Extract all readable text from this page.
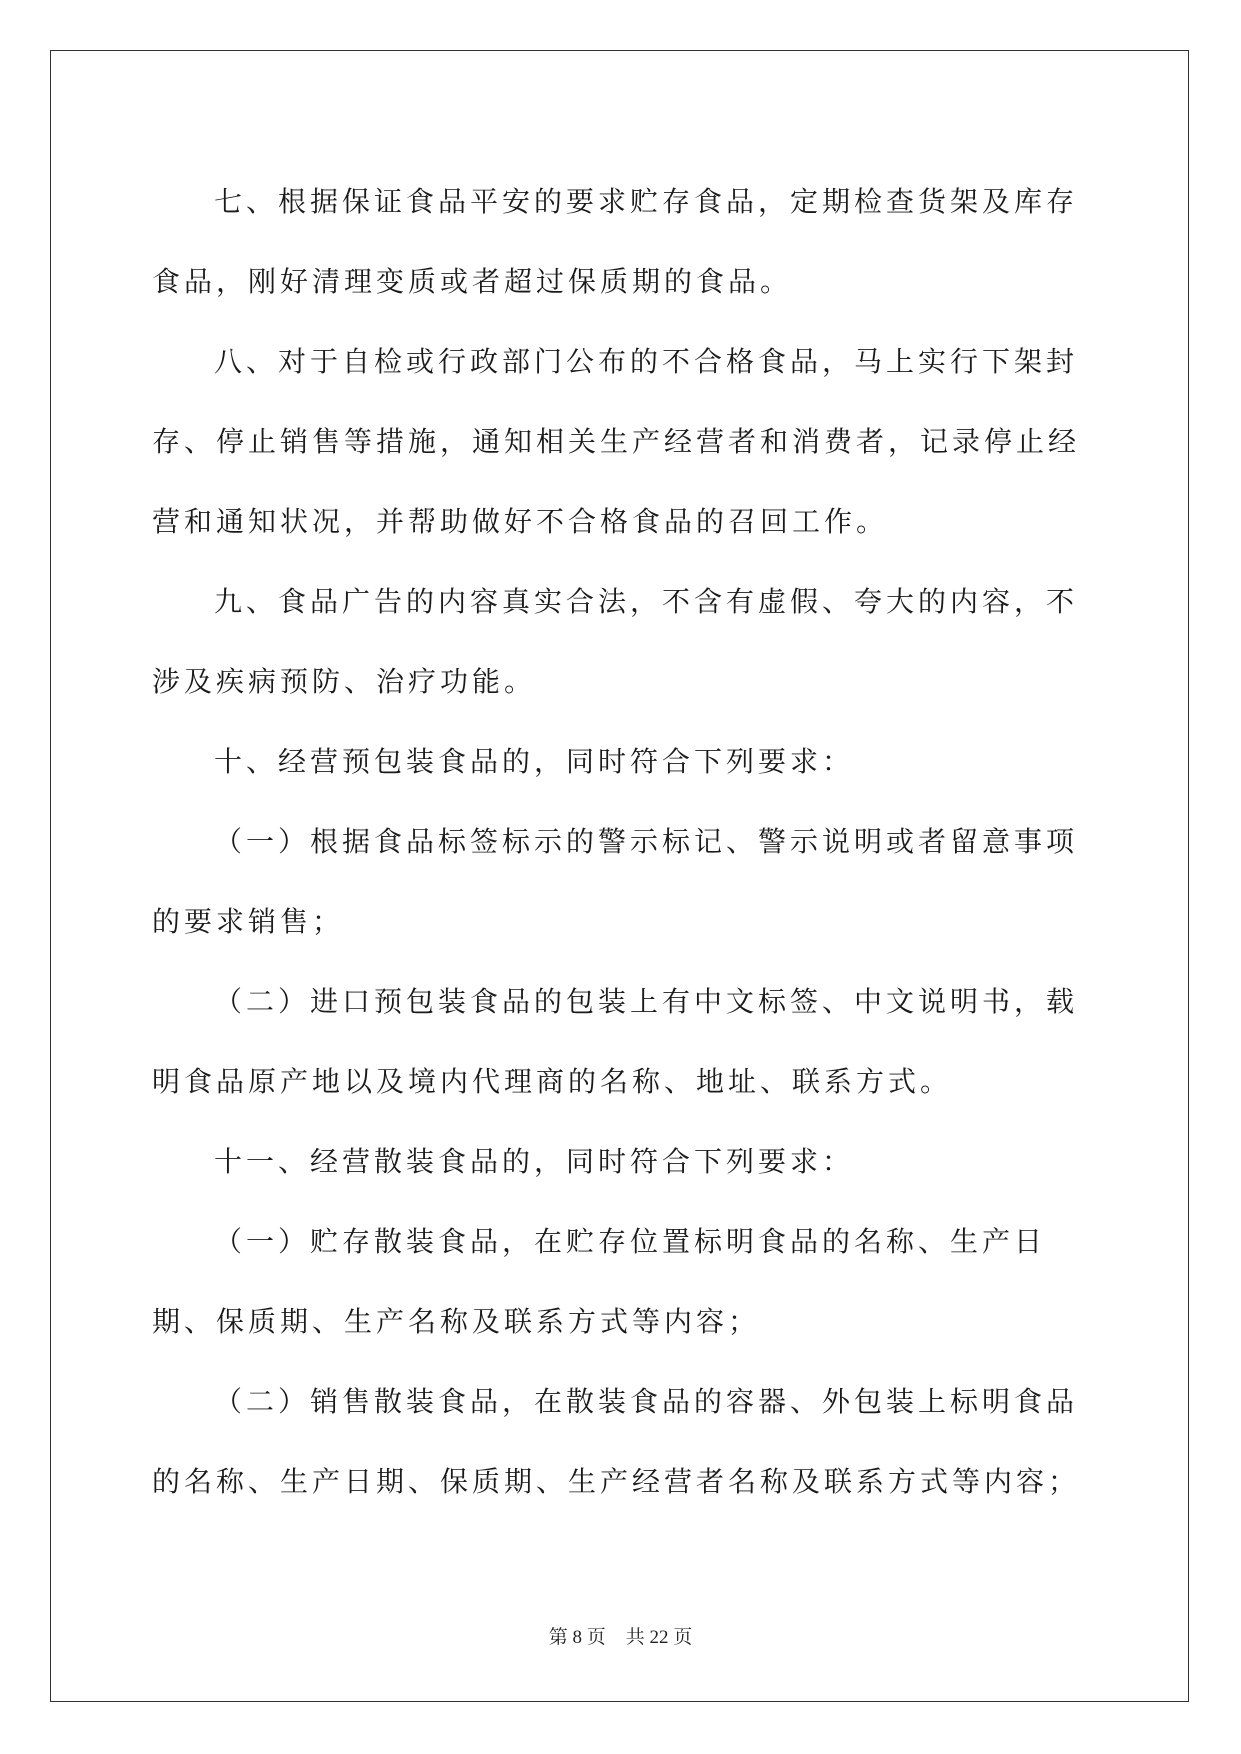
七、根据保证食品平安的要求贮存食品，定期检查货架及库存食品，刚好清理变质或者超过保质期的食品。

八、对于自检或行政部门公布的不合格食品，马上实行下架封存、停止销售等措施，通知相关生产经营者和消费者，记录停止经营和通知状况，并帮助做好不合格食品的召回工作。

九、食品广告的内容真实合法，不含有虚假、夸大的内容，不涉及疾病预防、治疗功能。

十、经营预包装食品的，同时符合下列要求：

（一）根据食品标签标示的警示标记、警示说明或者留意事项的要求销售；

（二）进口预包装食品的包装上有中文标签、中文说明书，载明食品原产地以及境内代理商的名称、地址、联系方式。

十一、经营散装食品的，同时符合下列要求：

（一）贮存散装食品，在贮存位置标明食品的名称、生产日期、保质期、生产名称及联系方式等内容；

（二）销售散装食品，在散装食品的容器、外包装上标明食品的名称、生产日期、保质期、生产经营者名称及联系方式等内容；

第 8 页 共 22 页
